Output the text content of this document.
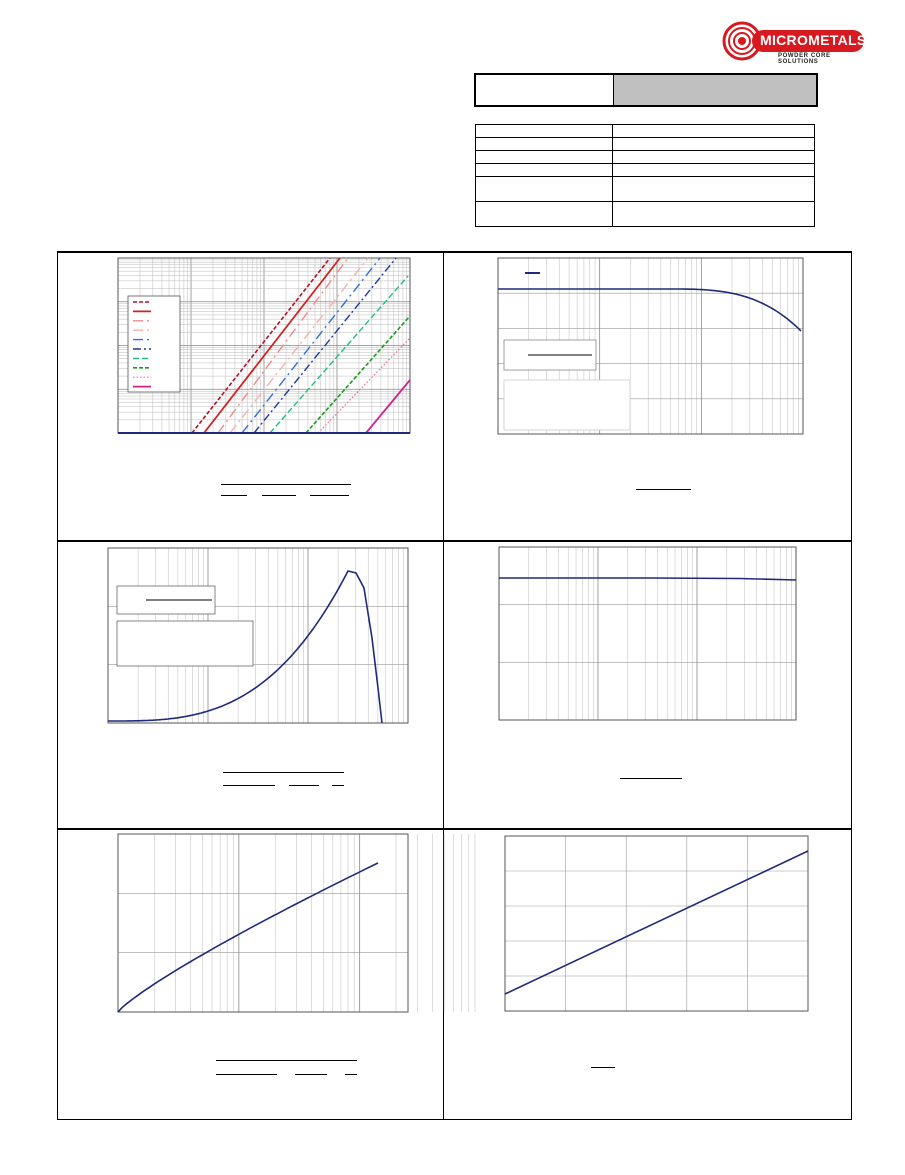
MICROMETALS
POWDER CORE SOLUTIONS
